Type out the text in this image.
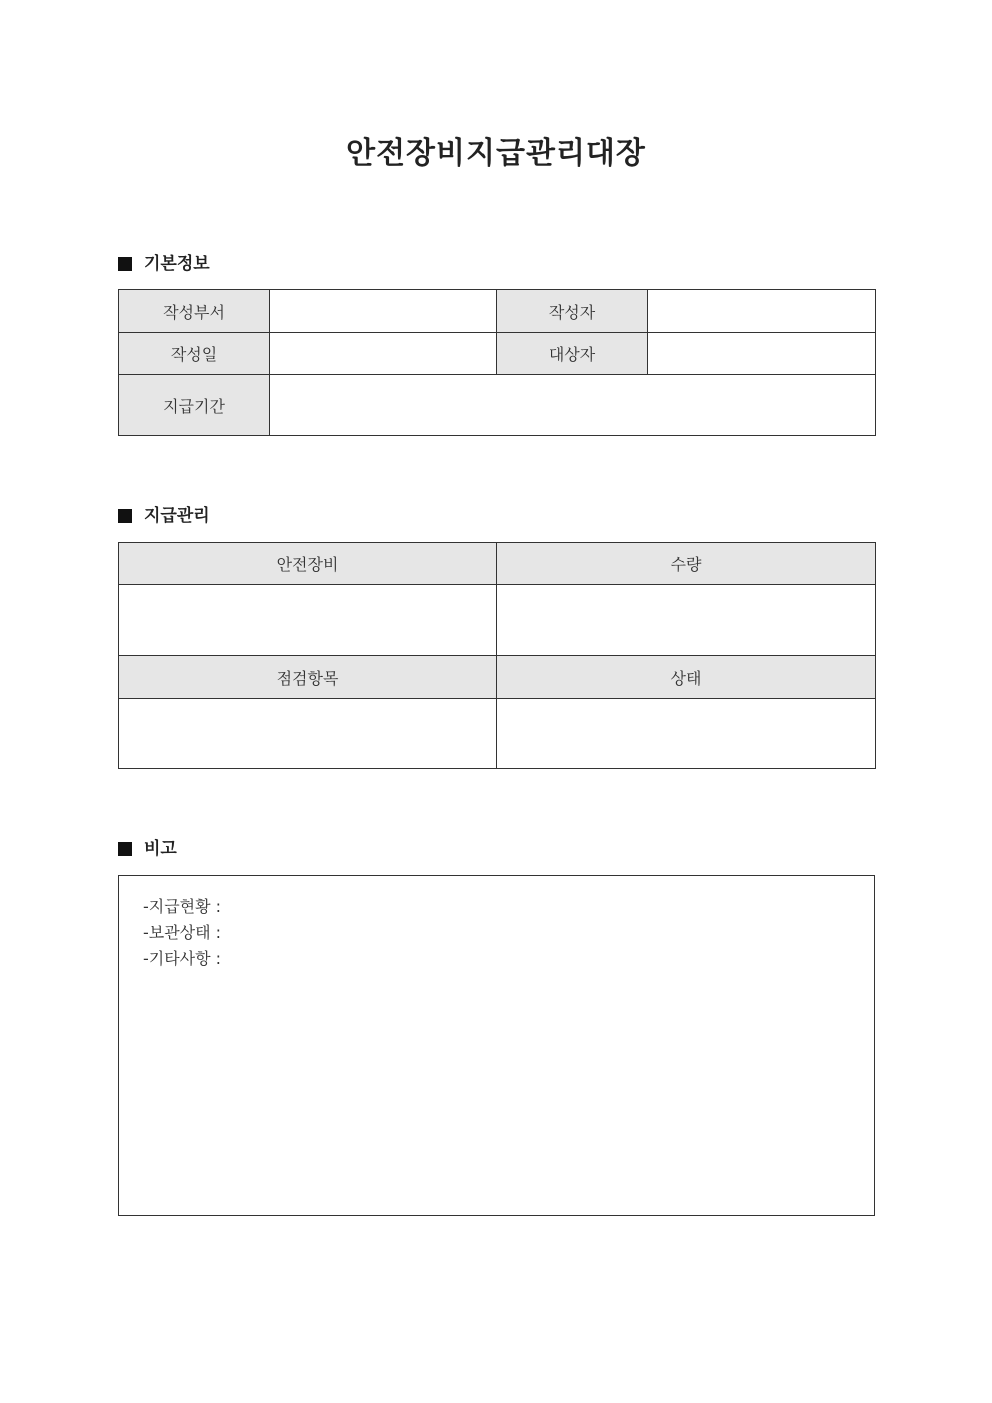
안전장비지급관리대장
기본정보
작성부서		작성자	
작성일		대상자	
지급기간			
지급관리
안전장비	수량

점검항목	상태

비고
-지급현황 :
-보관상태 :
-기타사항 :
